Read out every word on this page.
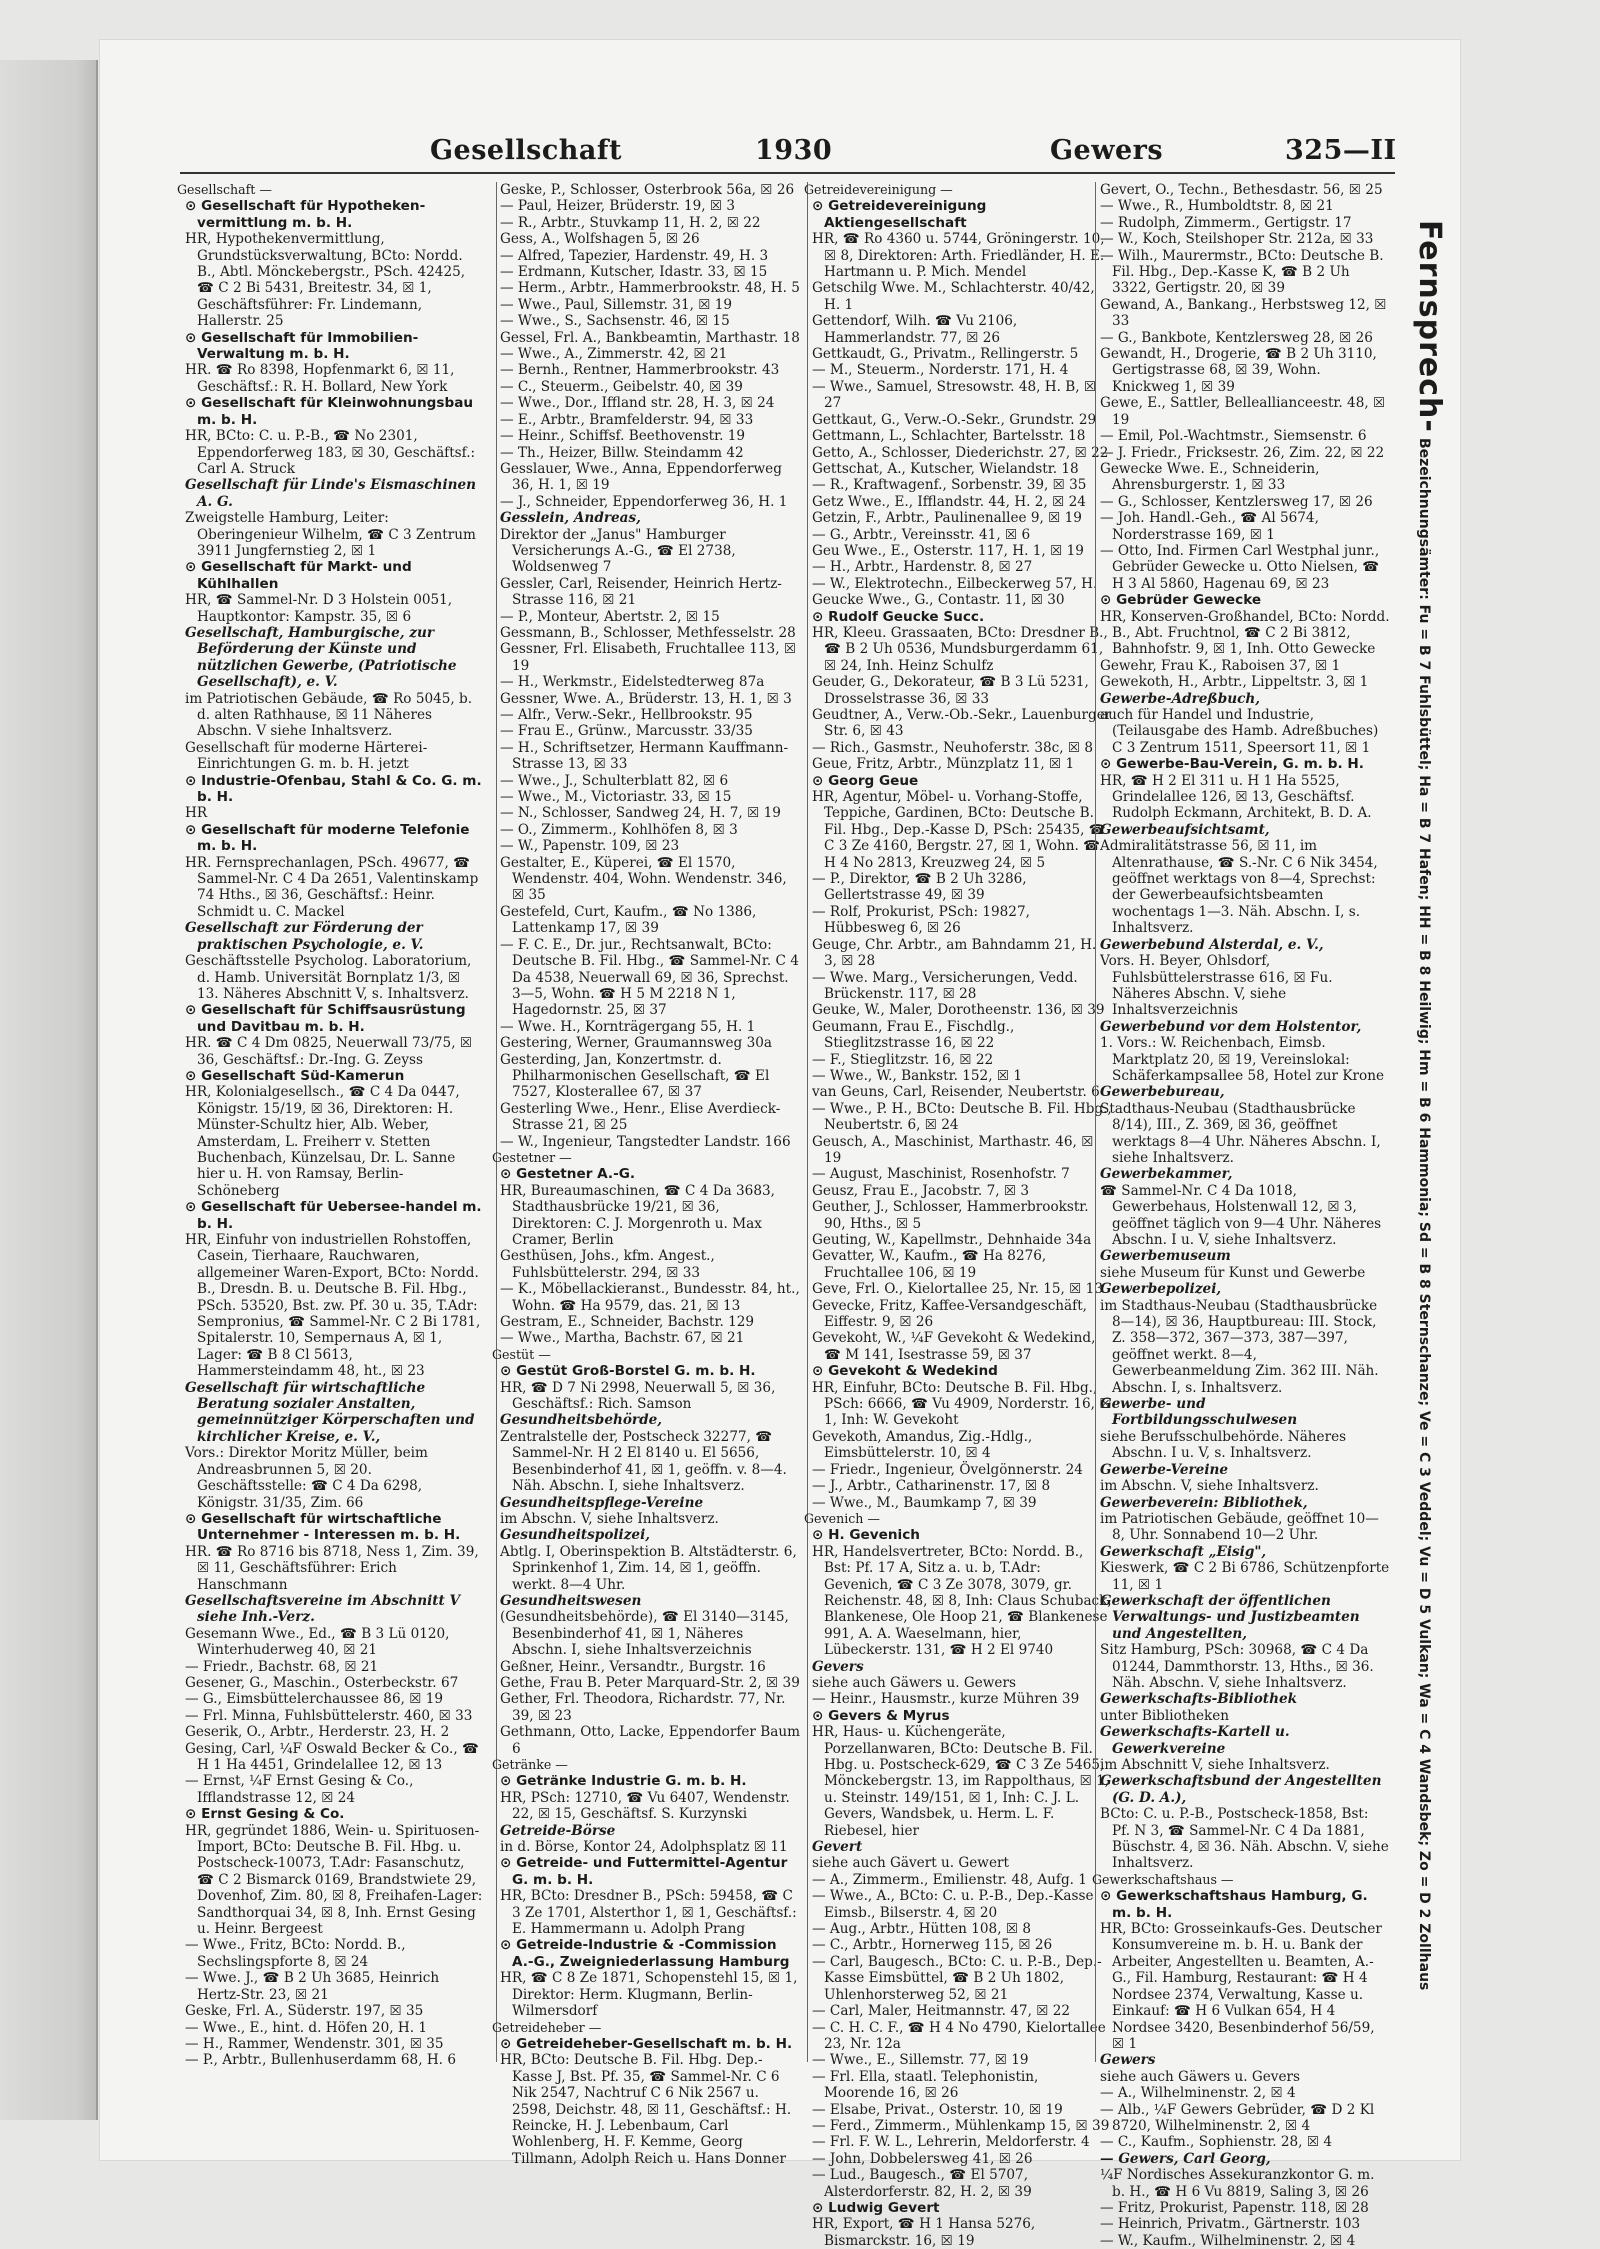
Gesellschaft	1930	Gewers	325—II

Gesellschaft —

⊙ Gesellschaft für Hypotheken-vermittlung m. b. H.

HR, Hypothekenvermittlung, Grundstücksverwaltung, BCto: Nordd. B., Abtl. Mönckebergstr., PSch. 42425, ☎ C 2 Bi 5431, Breitestr. 34, ☒ 1, Geschäftsführer: Fr. Lindemann, Hallerstr. 25

⊙ Gesellschaft für Immobilien-Verwaltung m. b. H.

HR. ☎ Ro 8398, Hopfenmarkt 6, ☒ 11, Geschäftsf.: R. H. Bollard, New York

⊙ Gesellschaft für Kleinwohnungsbau m. b. H.

HR, BCto: C. u. P.-B., ☎ No 2301, Eppendorferweg 183, ☒ 30, Geschäftsf.: Carl A. Struck

Gesellschaft für Linde's Eismaschinen A. G.

Zweigstelle Hamburg, Leiter: Oberingenieur Wilhelm, ☎ C 3 Zentrum 3911 Jungfernstieg 2, ☒ 1

⊙ Gesellschaft für Markt- und Kühlhallen

HR, ☎ Sammel-Nr. D 3 Holstein 0051, Hauptkontor: Kampstr. 35, ☒ 6

Gesellschaft, Hamburgische, zur Beförderung der Künste und nützlichen Gewerbe, (Patriotische Gesellschaft), e. V.

im Patriotischen Gebäude, ☎ Ro 5045, b. d. alten Rathhause, ☒ 11 Näheres Abschn. V siehe Inhaltsverz.

Gesellschaft für moderne Härterei-Einrichtungen G. m. b. H. jetzt

⊙ Industrie-Ofenbau, Stahl & Co. G. m. b. H.

HR

⊙ Gesellschaft für moderne Telefonie m. b. H.

HR. Fernsprechanlagen, PSch. 49677, ☎ Sammel-Nr. C 4 Da 2651, Valentinskamp 74 Hths., ☒ 36, Geschäftsf.: Heinr. Schmidt u. C. Mackel

Gesellschaft zur Förderung der praktischen Psychologie, e. V.

Geschäftsstelle Psycholog. Laboratorium, d. Hamb. Universität Bornplatz 1/3, ☒ 13. Näheres Abschnitt V, s. Inhaltsverz.

⊙ Gesellschaft für Schiffsausrüstung und Davitbau m. b. H.

HR. ☎ C 4 Dm 0825, Neuerwall 73/75, ☒ 36, Geschäftsf.: Dr.-Ing. G. Zeyss

⊙ Gesellschaft Süd-Kamerun

HR, Kolonialgesellsch., ☎ C 4 Da 0447, Königstr. 15/19, ☒ 36, Direktoren: H. Münster-Schultz hier, Alb. Weber, Amsterdam, L. Freiherr v. Stetten Buchenbach, Künzelsau, Dr. L. Sanne hier u. H. von Ramsay, Berlin-Schöneberg

⊙ Gesellschaft für Uebersee-handel m. b. H.

HR, Einfuhr von industriellen Rohstoffen, Casein, Tierhaare, Rauchwaren, allgemeiner Waren-Export, BCto: Nordd. B., Dresdn. B. u. Deutsche B. Fil. Hbg., PSch. 53520, Bst. zw. Pf. 30 u. 35, T.Adr: Sempronius, ☎ Sammel-Nr. C 2 Bi 1781, Spitalerstr. 10, Sempernaus A, ☒ 1, Lager: ☎ B 8 Cl 5613, Hammersteindamm 48, ht., ☒ 23

Gesellschaft für wirtschaftliche Beratung sozialer Anstalten, gemeinnütziger Körperschaften und kirchlicher Kreise, e. V.,

Vors.: Direktor Moritz Müller, beim Andreasbrunnen 5, ☒ 20. Geschäftsstelle: ☎ C 4 Da 6298, Königstr. 31/35, Zim. 66

⊙ Gesellschaft für wirtschaftliche Unternehmer - Interessen m. b. H.

HR. ☎ Ro 8716 bis 8718, Ness 1, Zim. 39, ☒ 11, Geschäftsführer: Erich Hanschmann

Gesellschaftsvereine im Abschnitt V siehe Inh.-Verz.

Gesemann Wwe., Ed., ☎ B 3 Lü 0120, Winterhuderweg 40, ☒ 21

— Friedr., Bachstr. 68, ☒ 21

Gesener, G., Maschin., Osterbeckstr. 67

— G., Eimsbüttelerchaussee 86, ☒ 19

— Frl. Minna, Fuhlsbüttelerstr. 460, ☒ 33

Geserik, O., Arbtr., Herderstr. 23, H. 2

Gesing, Carl, ¼F Oswald Becker & Co., ☎ H 1 Ha 4451, Grindelallee 12, ☒ 13

— Ernst, ¼F Ernst Gesing & Co., Ifflandstrasse 12, ☒ 24

⊙ Ernst Gesing & Co.

HR, gegründet 1886, Wein- u. Spirituosen-Import, BCto: Deutsche B. Fil. Hbg. u. Postscheck-10073, T.Adr: Fasanschutz, ☎ C 2 Bismarck 0169, Brandstwiete 29, Dovenhof, Zim. 80, ☒ 8, Freihafen-Lager: Sandthorquai 34, ☒ 8, Inh. Ernst Gesing u. Heinr. Bergeest

— Wwe., Fritz, BCto: Nordd. B., Sechslingspforte 8, ☒ 24

— Wwe. J., ☎ B 2 Uh 3685, Heinrich Hertz-Str. 23, ☒ 21

Geske, Frl. A., Süderstr. 197, ☒ 35

— Wwe., E., hint. d. Höfen 20, H. 1

— H., Rammer, Wendenstr. 301, ☒ 35

— P., Arbtr., Bullenhuserdamm 68, H. 6

Geske, P., Schlosser, Osterbrook 56a, ☒ 26

— Paul, Heizer, Brüderstr. 19, ☒ 3

— R., Arbtr., Stuvkamp 11, H. 2, ☒ 22

Gess, A., Wolfshagen 5, ☒ 26

— Alfred, Tapezier, Hardenstr. 49, H. 3

— Erdmann, Kutscher, Idastr. 33, ☒ 15

— Herm., Arbtr., Hammerbrookstr. 48, H. 5

— Wwe., Paul, Sillemstr. 31, ☒ 19

— Wwe., S., Sachsenstr. 46, ☒ 15

Gessel, Frl. A., Bankbeamtin, Marthastr. 18

— Wwe., A., Zimmerstr. 42, ☒ 21

— Bernh., Rentner, Hammerbrookstr. 43

— C., Steuerm., Geibelstr. 40, ☒ 39

— Wwe., Dor., Iffland str. 28, H. 3, ☒ 24

— E., Arbtr., Bramfelderstr. 94, ☒ 33

— Heinr., Schiffsf. Beethovenstr. 19

— Th., Heizer, Billw. Steindamm 42

Gesslauer, Wwe., Anna, Eppendorferweg 36, H. 1, ☒ 19

— J., Schneider, Eppendorferweg 36, H. 1

Gesslein, Andreas,

Direktor der „Janus" Hamburger Versicherungs A.-G., ☎ El 2738, Woldsenweg 7

Gessler, Carl, Reisender, Heinrich Hertz-Strasse 116, ☒ 21

— P., Monteur, Abertstr. 2, ☒ 15

Gessmann, B., Schlosser, Methfesselstr. 28

Gessner, Frl. Elisabeth, Fruchtallee 113, ☒ 19

— H., Werkmstr., Eidelstedterweg 87a

Gessner, Wwe. A., Brüderstr. 13, H. 1, ☒ 3

— Alfr., Verw.-Sekr., Hellbrookstr. 95

— Frau E., Grünw., Marcusstr. 33/35

— H., Schriftsetzer, Hermann Kauffmann-Strasse 13, ☒ 33

— Wwe., J., Schulterblatt 82, ☒ 6

— Wwe., M., Victoriastr. 33, ☒ 15

— N., Schlosser, Sandweg 24, H. 7, ☒ 19

— O., Zimmerm., Kohlhöfen 8, ☒ 3

— W., Papenstr. 109, ☒ 23

Gestalter, E., Küperei, ☎ El 1570, Wendenstr. 404, Wohn. Wendenstr. 346, ☒ 35

Gestefeld, Curt, Kaufm., ☎ No 1386, Lattenkamp 17, ☒ 39

— F. C. E., Dr. jur., Rechtsanwalt, BCto: Deutsche B. Fil. Hbg., ☎ Sammel-Nr. C 4 Da 4538, Neuerwall 69, ☒ 36, Sprechst. 3—5, Wohn. ☎ H 5 M 2218 N 1, Hagedornstr. 25, ☒ 37

— Wwe. H., Kornträgergang 55, H. 1

Gestering, Werner, Graumannsweg 30a

Gesterding, Jan, Konzertmstr. d. Philharmonischen Gesellschaft, ☎ El 7527, Klosterallee 67, ☒ 37

Gesterling Wwe., Henr., Elise Averdieck-Strasse 21, ☒ 25

— W., Ingenieur, Tangstedter Landstr. 166

Gestetner —

⊙ Gestetner A.-G.

HR, Bureaumaschinen, ☎ C 4 Da 3683, Stadthausbrücke 19/21, ☒ 36, Direktoren: C. J. Morgenroth u. Max Cramer, Berlin

Gesthüsen, Johs., kfm. Angest., Fuhlsbüttelerstr. 294, ☒ 33

— K., Möbellackieranst., Bundesstr. 84, ht., Wohn. ☎ Ha 9579, das. 21, ☒ 13

Gestram, E., Schneider, Bachstr. 129

— Wwe., Martha, Bachstr. 67, ☒ 21

Gestüt —

⊙ Gestüt Groß-Borstel G. m. b. H.

HR, ☎ D 7 Ni 2998, Neuerwall 5, ☒ 36, Geschäftsf.: Rich. Samson

Gesundheitsbehörde,

Zentralstelle der, Postscheck 32277, ☎ Sammel-Nr. H 2 El 8140 u. El 5656, Besenbinderhof 41, ☒ 1, geöffn. v. 8—4. Näh. Abschn. I, siehe Inhaltsverz.

Gesundheitspflege-Vereine

im Abschn. V, siehe Inhaltsverz.

Gesundheitspolizei,

Abtlg. I, Oberinspektion B. Altstädterstr. 6, Sprinkenhof 1, Zim. 14, ☒ 1, geöffn. werkt. 8—4 Uhr.

Gesundheitswesen

(Gesundheitsbehörde), ☎ El 3140—3145, Besenbinderhof 41, ☒ 1, Näheres Abschn. I, siehe Inhaltsverzeichnis

Geßner, Heinr., Versandtr., Burgstr. 16

Gethe, Frau B. Peter Marquard-Str. 2, ☒ 39

Gether, Frl. Theodora, Richardstr. 77, Nr. 39, ☒ 23

Gethmann, Otto, Lacke, Eppendorfer Baum 6

Getränke —

⊙ Getränke Industrie G. m. b. H.

HR, PSch: 12710, ☎ Vu 6407, Wendenstr. 22, ☒ 15, Geschäftsf. S. Kurzynski

Getreide-Börse

in d. Börse, Kontor 24, Adolphsplatz ☒ 11

⊙ Getreide- und Futtermittel-Agentur G. m. b. H.

HR, BCto: Dresdner B., PSch: 59458, ☎ C 3 Ze 1701, Alsterthor 1, ☒ 1, Geschäftsf.: E. Hammermann u. Adolph Prang

⊙ Getreide-Industrie & -Commission A.-G., Zweigniederlassung Hamburg

HR, ☎ C 8 Ze 1871, Schopenstehl 15, ☒ 1, Direktor: Herm. Klugmann, Berlin-Wilmersdorf

Getreideheber —

⊙ Getreideheber-Gesellschaft m. b. H.

HR, BCto: Deutsche B. Fil. Hbg. Dep.-Kasse J, Bst. Pf. 35, ☎ Sammel-Nr. C 6 Nik 2547, Nachtruf C 6 Nik 2567 u. 2598, Deichstr. 48, ☒ 11, Geschäftsf.: H. Reincke, H. J. Lebenbaum, Carl Wohlenberg, H. F. Kemme, Georg Tillmann, Adolph Reich u. Hans Donner

Getreidevereinigung —

⊙ Getreidevereinigung Aktiengesellschaft

HR, ☎ Ro 4360 u. 5744, Gröningerstr. 10, ☒ 8, Direktoren: Arth. Friedländer, H. E. Hartmann u. P. Mich. Mendel

Getschilg Wwe. M., Schlachterstr. 40/42, H. 1

Gettendorf, Wilh. ☎ Vu 2106, Hammerlandstr. 77, ☒ 26

Gettkaudt, G., Privatm., Rellingerstr. 5

— M., Steuerm., Norderstr. 171, H. 4

— Wwe., Samuel, Stresowstr. 48, H. B, ☒ 27

Gettkaut, G., Verw.-O.-Sekr., Grundstr. 29

Gettmann, L., Schlachter, Bartelsstr. 18

Getto, A., Schlosser, Diederichstr. 27, ☒ 22

Gettschat, A., Kutscher, Wielandstr. 18

— R., Kraftwagenf., Sorbenstr. 39, ☒ 35

Getz Wwe., E., Ifflandstr. 44, H. 2, ☒ 24

Getzin, F., Arbtr., Paulinenallee 9, ☒ 19

— G., Arbtr., Vereinsstr. 41, ☒ 6

Geu Wwe., E., Osterstr. 117, H. 1, ☒ 19

— H., Arbtr., Hardenstr. 8, ☒ 27

— W., Elektrotechn., Eilbeckerweg 57, H.

Geucke Wwe., G., Contastr. 11, ☒ 30

⊙ Rudolf Geucke Succ.

HR, Kleeu. Grassaaten, BCto: Dresdner B., ☎ B 2 Uh 0536, Mundsburgerdamm 61, ☒ 24, Inh. Heinz Schulfz

Geuder, G., Dekorateur, ☎ B 3 Lü 5231, Drosselstrasse 36, ☒ 33

Geudtner, A., Verw.-Ob.-Sekr., Lauenburger Str. 6, ☒ 43

— Rich., Gasmstr., Neuhoferstr. 38c, ☒ 8

Geue, Fritz, Arbtr., Münzplatz 11, ☒ 1

⊙ Georg Geue

HR, Agentur, Möbel- u. Vorhang-Stoffe, Teppiche, Gardinen, BCto: Deutsche B. Fil. Hbg., Dep.-Kasse D, PSch: 25435, ☎ C 3 Ze 4160, Bergstr. 27, ☒ 1, Wohn. ☎ H 4 No 2813, Kreuzweg 24, ☒ 5

— P., Direktor, ☎ B 2 Uh 3286, Gellertstrasse 49, ☒ 39

— Rolf, Prokurist, PSch: 19827, Hübbesweg 6, ☒ 26

Geuge, Chr. Arbtr., am Bahndamm 21, H. 3, ☒ 28

— Wwe. Marg., Versicherungen, Vedd. Brückenstr. 117, ☒ 28

Geuke, W., Maler, Dorotheenstr. 136, ☒ 39

Geumann, Frau E., Fischdlg., Stieglitzstrasse 16, ☒ 22

— F., Stieglitzstr. 16, ☒ 22

— Wwe., W., Bankstr. 152, ☒ 1

van Geuns, Carl, Reisender, Neubertstr. 6

— Wwe., P. H., BCto: Deutsche B. Fil. Hbg., Neubertstr. 6, ☒ 24

Geusch, A., Maschinist, Marthastr. 46, ☒ 19

— August, Maschinist, Rosenhofstr. 7

Geusz, Frau E., Jacobstr. 7, ☒ 3

Geuther, J., Schlosser, Hammerbrookstr. 90, Hths., ☒ 5

Geuting, W., Kapellmstr., Dehnhaide 34a

Gevatter, W., Kaufm., ☎ Ha 8276, Fruchtallee 106, ☒ 19

Geve, Frl. O., Kielortallee 25, Nr. 15, ☒ 13

Gevecke, Fritz, Kaffee-Versandgeschäft, Eiffestr. 9, ☒ 26

Gevekoht, W., ¼F Gevekoht & Wedekind, ☎ M 141, Isestrasse 59, ☒ 37

⊙ Gevekoht & Wedekind

HR, Einfuhr, BCto: Deutsche B. Fil. Hbg., PSch: 6666, ☎ Vu 4909, Norderstr. 16, ☒ 1, Inh: W. Gevekoht

Gevekoth, Amandus, Zig.-Hdlg., Eimsbüttelerstr. 10, ☒ 4

— Friedr., Ingenieur, Övelgönnerstr. 24

— J., Arbtr., Catharinenstr. 17, ☒ 8

— Wwe., M., Baumkamp 7, ☒ 39

Gevenich —

⊙ H. Gevenich

HR, Handelsvertreter, BCto: Nordd. B., Bst: Pf. 17 A, Sitz a. u. b, T.Adr: Gevenich, ☎ C 3 Ze 3078, 3079, gr. Reichenstr. 48, ☒ 8, Inh: Claus Schuback, Blankenese, Ole Hoop 21, ☎ Blankenese 991, A. A. Waeselmann, hier, Lübeckerstr. 131, ☎ H 2 El 9740

Gevers

siehe auch Gäwers u. Gewers

— Heinr., Hausmstr., kurze Mühren 39

⊙ Gevers & Myrus

HR, Haus- u. Küchengeräte, Porzellanwaren, BCto: Deutsche B. Fil. Hbg. u. Postscheck-629, ☎ C 3 Ze 5465, Mönckebergstr. 13, im Rappolthaus, ☒ 1, u. Steinstr. 149/151, ☒ 1, Inh: C. J. L. Gevers, Wandsbek, u. Herm. L. F. Riebesel, hier

Gevert

siehe auch Gävert u. Gewert

— A., Zimmerm., Emilienstr. 48, Aufg. 1

— Wwe., A., BCto: C. u. P.-B., Dep.-Kasse Eimsb., Bilserstr. 4, ☒ 20

— Aug., Arbtr., Hütten 108, ☒ 8

— C., Arbtr., Hornerweg 115, ☒ 26

— Carl, Baugesch., BCto: C. u. P.-B., Dep.-Kasse Eimsbüttel, ☎ B 2 Uh 1802, Uhlenhorsterweg 52, ☒ 21

— Carl, Maler, Heitmannstr. 47, ☒ 22

— C. H. C. F., ☎ H 4 No 4790, Kielortallee 23, Nr. 12a

— Wwe., E., Sillemstr. 77, ☒ 19

— Frl. Ella, staatl. Telephonistin, Moorende 16, ☒ 26

— Elsabe, Privat., Osterstr. 10, ☒ 19

— Ferd., Zimmerm., Mühlenkamp 15, ☒ 39

— Frl. F. W. L., Lehrerin, Meldorferstr. 4

— John, Dobbelersweg 41, ☒ 26

— Lud., Baugesch., ☎ El 5707, Alsterdorferstr. 82, H. 2, ☒ 39

⊙ Ludwig Gevert

HR, Export, ☎ H 1 Hansa 5276, Bismarckstr. 16, ☒ 19

Gevert, O., Techn., Bethesdastr. 56, ☒ 25

— Wwe., R., Humboldtstr. 8, ☒ 21

— Rudolph, Zimmerm., Gertigstr. 17

— W., Koch, Steilshoper Str. 212a, ☒ 33

— Wilh., Maurermstr., BCto: Deutsche B. Fil. Hbg., Dep.-Kasse K, ☎ B 2 Uh 3322, Gertigstr. 20, ☒ 39

Gewand, A., Bankang., Herbstsweg 12, ☒ 33

— G., Bankbote, Kentzlersweg 28, ☒ 26

Gewandt, H., Drogerie, ☎ B 2 Uh 3110, Gertigstrasse 68, ☒ 39, Wohn. Knickweg 1, ☒ 39

Gewe, E., Sattler, Belleallianceestr. 48, ☒ 19

— Emil, Pol.-Wachtmstr., Siemsenstr. 6

— J. Friedr., Fricksestr. 26, Zim. 22, ☒ 22

Gewecke Wwe. E., Schneiderin, Ahrensburgerstr. 1, ☒ 33

— G., Schlosser, Kentzlersweg 17, ☒ 26

— Joh. Handl.-Geh., ☎ Al 5674, Norderstrasse 169, ☒ 1

— Otto, Ind. Firmen Carl Westphal junr., Gebrüder Gewecke u. Otto Nielsen, ☎ H 3 Al 5860, Hagenau 69, ☒ 23

⊙ Gebrüder Gewecke

HR, Konserven-Großhandel, BCto: Nordd. B., Abt. Fruchtnol, ☎ C 2 Bi 3812, Bahnhofstr. 9, ☒ 1, Inh. Otto Gewecke

Gewehr, Frau K., Raboisen 37, ☒ 1

Gewekoth, H., Arbtr., Lippeltstr. 3, ☒ 1

Gewerbe-Adreßbuch,

auch für Handel und Industrie, (Teilausgabe des Hamb. Adreßbuches) C 3 Zentrum 1511, Speersort 11, ☒ 1

⊙ Gewerbe-Bau-Verein, G. m. b. H.

HR, ☎ H 2 El 311 u. H 1 Ha 5525, Grindelallee 126, ☒ 13, Geschäftsf. Rudolph Eckmann, Architekt, B. D. A.

Gewerbeaufsichtsamt,

Admiralitätstrasse 56, ☒ 11, im Altenrathause, ☎ S.-Nr. C 6 Nik 3454, geöffnet werktags von 8—4, Sprechst: der Gewerbeaufsichtsbeamten wochentags 1—3. Näh. Abschn. I, s. Inhaltsverz.

Gewerbebund Alsterdal, e. V.,

Vors. H. Beyer, Ohlsdorf, Fuhlsbüttelerstrasse 616, ☒ Fu. Näheres Abschn. V, siehe Inhaltsverzeichnis

Gewerbebund vor dem Holstentor,

1. Vors.: W. Reichenbach, Eimsb. Marktplatz 20, ☒ 19, Vereinslokal: Schäferkampsallee 58, Hotel zur Krone

Gewerbebureau,

Stadthaus-Neubau (Stadthausbrücke 8/14), III., Z. 369, ☒ 36, geöffnet werktags 8—4 Uhr. Näheres Abschn. I, siehe Inhaltsverz.

Gewerbekammer,

☎ Sammel-Nr. C 4 Da 1018, Gewerbehaus, Holstenwall 12, ☒ 3, geöffnet täglich von 9—4 Uhr. Näheres Abschn. I u. V, siehe Inhaltsverz.

Gewerbemuseum

siehe Museum für Kunst und Gewerbe

Gewerbepolizei,

im Stadthaus-Neubau (Stadthausbrücke 8—14), ☒ 36, Hauptbureau: III. Stock, Z. 358—372, 367—373, 387—397, geöffnet werkt. 8—4, Gewerbeanmeldung Zim. 362 III. Näh. Abschn. I, s. Inhaltsverz.

Gewerbe- und Fortbildungsschulwesen

siehe Berufsschulbehörde. Näheres Abschn. I u. V, s. Inhaltsverz.

Gewerbe-Vereine

im Abschn. V, siehe Inhaltsverz.

Gewerbeverein: Bibliothek,

im Patriotischen Gebäude, geöffnet 10—8, Uhr. Sonnabend 10—2 Uhr.

Gewerkschaft „Eisig",

Kieswerk, ☎ C 2 Bi 6786, Schützenpforte 11, ☒ 1

Gewerkschaft der öffentlichen Verwaltungs- und Justizbeamten und Angestellten,

Sitz Hamburg, PSch: 30968, ☎ C 4 Da 01244, Dammthorstr. 13, Hths., ☒ 36. Näh. Abschn. V, siehe Inhaltsverz.

Gewerkschafts-Bibliothek

unter Bibliotheken

Gewerkschafts-Kartell u. Gewerkvereine

im Abschnitt V, siehe Inhaltsverz.

Gewerkschaftsbund der Angestellten (G. D. A.),

BCto: C. u. P.-B., Postscheck-1858, Bst: Pf. N 3, ☎ Sammel-Nr. C 4 Da 1881, Büschstr. 4, ☒ 36. Näh. Abschn. V, siehe Inhaltsverz.

Gewerkschaftshaus —

⊙ Gewerkschaftshaus Hamburg, G. m. b. H.

HR, BCto: Grosseinkaufs-Ges. Deutscher Konsumvereine m. b. H. u. Bank der Arbeiter, Angestellten u. Beamten, A.-G., Fil. Hamburg, Restaurant: ☎ H 4 Nordsee 2374, Verwaltung, Kasse u. Einkauf: ☎ H 6 Vulkan 654, H 4 Nordsee 3420, Besenbinderhof 56/59, ☒ 1

Gewers

siehe auch Gäwers u. Gevers

— A., Wilhelminenstr. 2, ☒ 4

— Alb., ¼F Gewers Gebrüder, ☎ D 2 Kl 8720, Wilhelminenstr. 2, ☒ 4

— C., Kaufm., Sophienstr. 28, ☒ 4

— Gewers, Carl Georg,

¼F Nordisches Assekuranzkontor G. m. b. H., ☎ H 6 Vu 8819, Saling 3, ☒ 26

— Fritz, Prokurist, Papenstr. 118, ☒ 28

— Heinrich, Privatm., Gärtnerstr. 103

— W., Kaufm., Wilhelminenstr. 2, ☒ 4

Fernsprech- Bezeichnungsämter: Fu = B 7 Fuhlsbüttel; Ha = B 7 Hafen; HH = B 8 Heilwig; Hm = B 6 Hammonia; Sd = B 8 Sternschanze; Ve = C 3 Veddel; Vu = D 5 Vulkan; Wa = C 4 Wandsbek; Zo = D 2 Zollhaus
